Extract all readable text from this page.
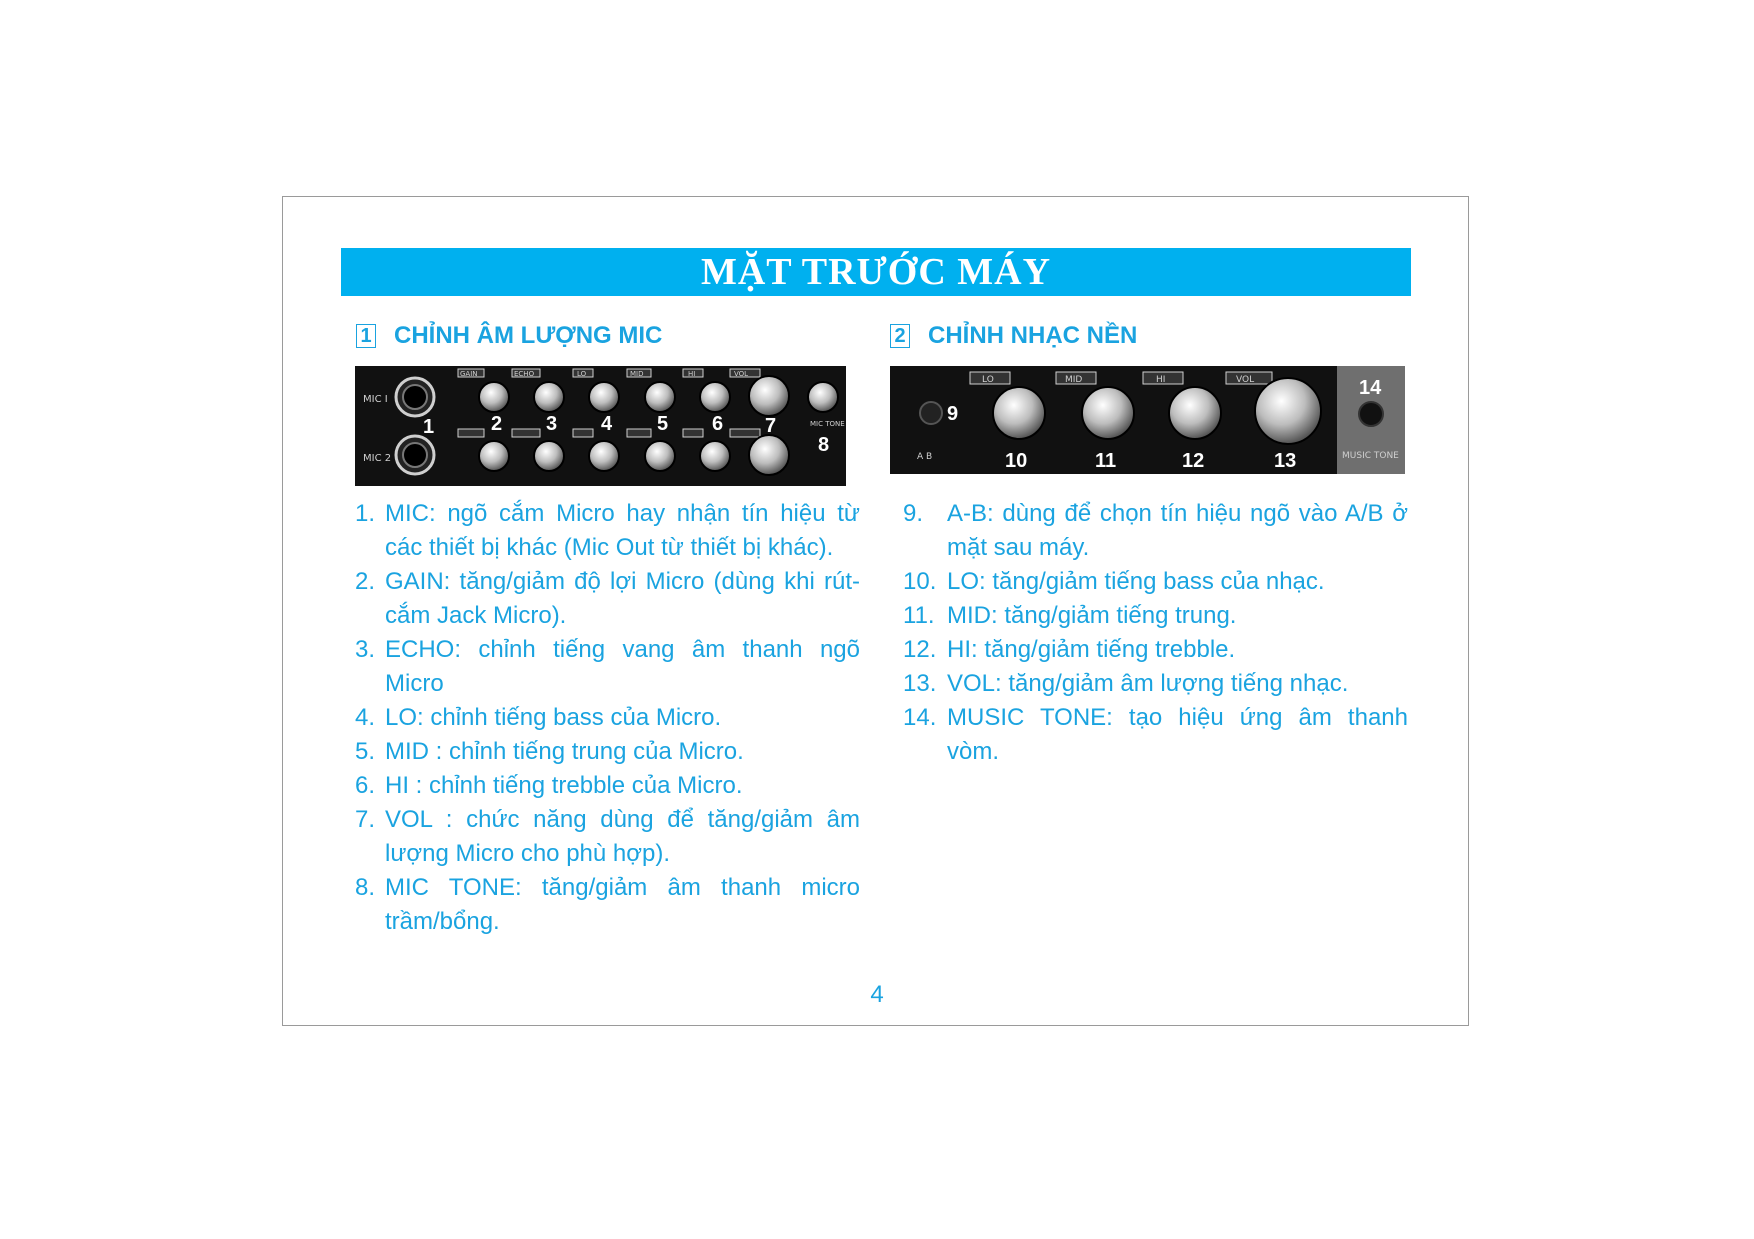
MẶT TRƯỚC MÁY
1 CHỈNH ÂM LƯỢNG MIC	2 CHỈNH NHẠC NỀN
MIC I
MIC 2
GAIN	ECHO	LO	MID	HI	VOL
MIC TONE
1	2 3 4 5 6 7
8
LO	MID	HI	VOL
A B	MUSIC TONE
9
10	11	12	13
14
1. MIC: ngõ cắm Micro hay nhận tín hiệu từ các thiết bị khác (Mic Out từ thiết bị khác).
2. GAIN: tăng/giảm độ lợi Micro (dùng khi rút-cắm Jack Micro).
3. ECHO: chỉnh tiếng vang âm thanh ngõ Micro
4. LO: chỉnh tiếng bass của Micro.
5. MID : chỉnh tiếng trung của Micro.
6. HI : chỉnh tiếng trebble của Micro.
7. VOL : chức năng dùng để tăng/giảm âm lượng Micro cho phù hợp).
8. MIC TONE: tăng/giảm âm thanh micro trầm/bổng.
9. A-B: dùng để chọn tín hiệu ngõ vào A/B ở mặt sau máy.
10. LO: tăng/giảm tiếng bass của nhạc.
11. MID: tăng/giảm tiếng trung.
12. HI: tăng/giảm tiếng trebble.
13. VOL: tăng/giảm âm lượng tiếng nhạc.
14. MUSIC TONE: tạo hiệu ứng âm thanh vòm.
4
